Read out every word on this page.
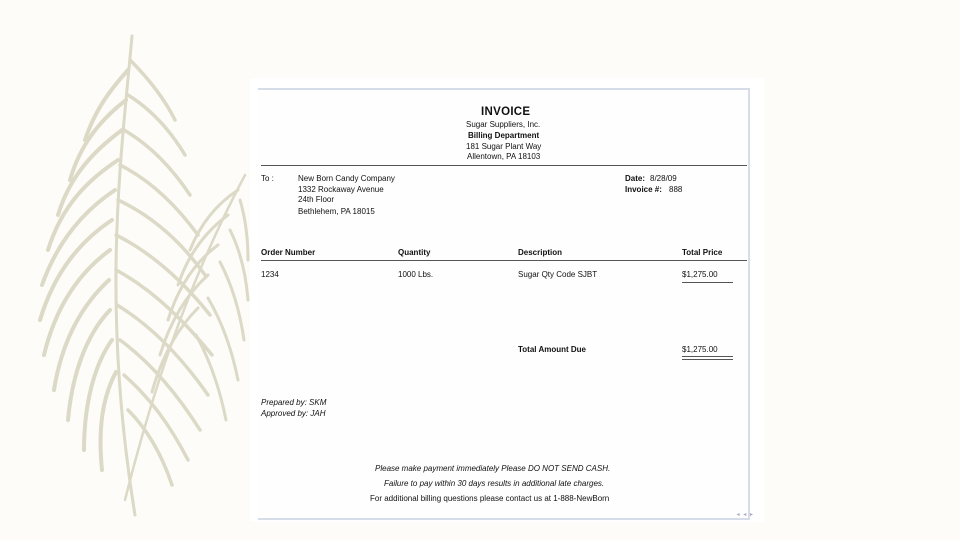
INVOICE
Sugar Suppliers, Inc.
Billing Department
181 Sugar Plant Way
Allentown, PA 18103
To :	New Born Candy Company
1332 Rockaway Avenue
24th Floor
Bethlehem, PA 18015
Date: 8/28/09
Invoice #: 888
Order Number	Quantity	Description	Total Price
1234	1000 Lbs.	Sugar Qty Code SJBT	$1,275.00
Total Amount Due	$1,275.00
Prepared by: SKM
Approved by: JAH
Please make payment immediately Please DO NOT SEND CASH.
Failure to pay within 30 days results in additional late charges.
For additional billing questions please contact us at 1-888-NewBorn
◂ ◂ ▸
